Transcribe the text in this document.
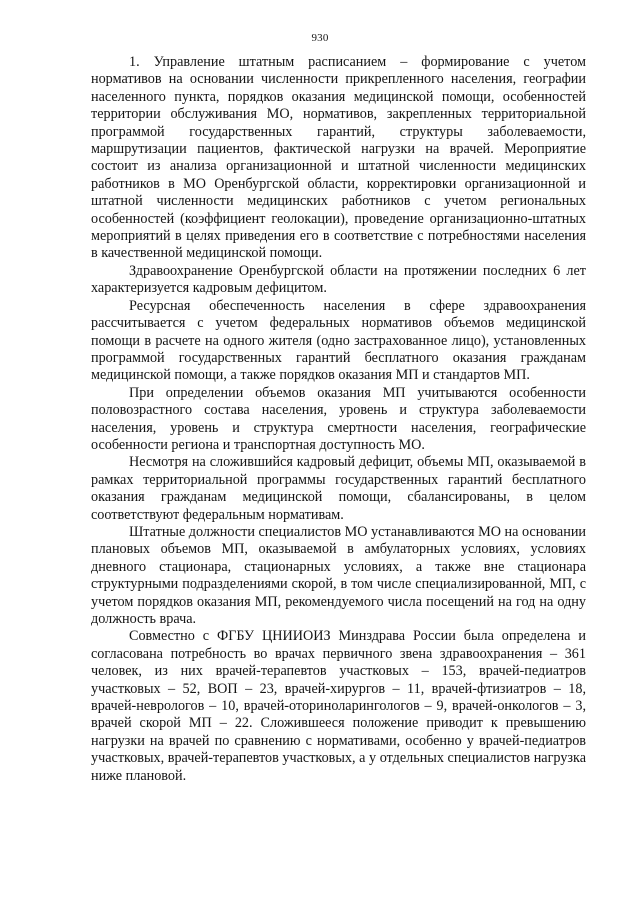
930

1. Управление штатным расписанием – формирование с учетом нормативов на основании численности прикрепленного населения, географии населенного пункта, порядков оказания медицинской помощи, особенностей территории обслуживания МО, нормативов, закрепленных территориальной программой государственных гарантий, структуры заболеваемости, маршрутизации пациентов, фактической нагрузки на врачей. Мероприятие состоит из анализа организационной и штатной численности медицинских работников в МО Оренбургской области, корректировки организационной и штатной численности медицинских работников с учетом региональных особенностей (коэффициент геолокации), проведение организационно-штатных мероприятий в целях приведения его в соответствие с потребностями населения в качественной медицинской помощи.

Здравоохранение Оренбургской области на протяжении последних 6 лет характеризуется кадровым дефицитом.

Ресурсная обеспеченность населения в сфере здравоохранения рассчитывается с учетом федеральных нормативов объемов медицинской помощи в расчете на одного жителя (одно застрахованное лицо), установленных программой государственных гарантий бесплатного оказания гражданам медицинской помощи, а также порядков оказания МП и стандартов МП.

При определении объемов оказания МП учитываются особенности половозрастного состава населения, уровень и структура заболеваемости населения, уровень и структура смертности населения, географические особенности региона и транспортная доступность МО.

Несмотря на сложившийся кадровый дефицит, объемы МП, оказываемой в рамках территориальной программы государственных гарантий бесплатного оказания гражданам медицинской помощи, сбалансированы, в целом соответствуют федеральным нормативам.

Штатные должности специалистов МО устанавливаются МО на основании плановых объемов МП, оказываемой в амбулаторных условиях, условиях дневного стационара, стационарных условиях, а также вне стационара структурными подразделениями скорой, в том числе специализированной, МП, с учетом порядков оказания МП, рекомендуемого числа посещений на год на одну должность врача.

Совместно с ФГБУ ЦНИИОИЗ Минздрава России была определена и согласована потребность во врачах первичного звена здравоохранения – 361 человек, из них врачей-терапевтов участковых – 153, врачей-педиатров участковых – 52, ВОП – 23, врачей-хирургов – 11, врачей-фтизиатров – 18, врачей-неврологов – 10, врачей-оториноларингологов – 9, врачей-онкологов – 3, врачей скорой МП – 22. Сложившееся положение приводит к превышению нагрузки на врачей по сравнению с нормативами, особенно у врачей-педиатров участковых, врачей-терапевтов участковых, а у отдельных специалистов нагрузка ниже плановой.
